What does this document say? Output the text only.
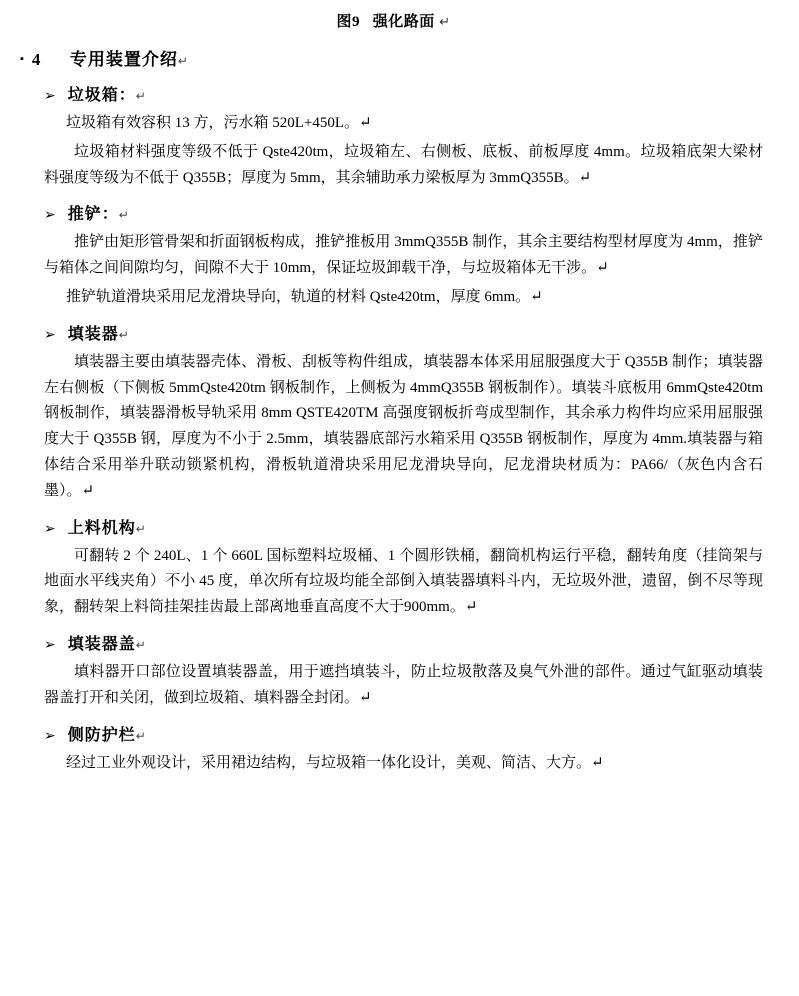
图9 强化路面 ↵
▪ 4	专用装置介绍 ↵
➢ 垃圾箱： ↵

垃圾箱有效容积 13 方，污水箱 520L+450L。↵

垃圾箱材料强度等级不低于 Qste420tm，垃圾箱左、右侧板、底板、前板厚度 4mm。垃圾箱底架大梁材料强度等级为不低于 Q355B；厚度为 5mm，其余辅助承力梁板厚为 3mmQ355B。↵

➢ 推铲： ↵

推铲由矩形管骨架和折面钢板构成，推铲推板用 3mmQ355B 制作，其余主要结构型材厚度为 4mm，推铲与箱体之间间隙均匀，间隙不大于 10mm，保证垃圾卸载干净，与垃圾箱体无干涉。↵

推铲轨道滑块采用尼龙滑块导向，轨道的材料 Qste420tm，厚度 6mm。↵

➢ 填装器 ↵

填装器主要由填装器壳体、滑板、刮板等构件组成，填装器本体采用屈服强度大于 Q355B 制作；填装器左右侧板（下侧板 5mmQste420tm 钢板制作，上侧板为 4mmQ355B 钢板制作）。填装斗底板用 6mmQste420tm 钢板制作，填装器滑板导轨采用 8mm QSTE420TM 高强度钢板折弯成型制作，其余承力构件均应采用屈服强度大于 Q355B 钢，厚度为不小于 2.5mm，填装器底部污水箱采用 Q355B 钢板制作，厚度为 4mm.填装器与箱体结合采用举升联动锁紧机构，滑板轨道滑块采用尼龙滑块导向，尼龙滑块材质为：PA66/（灰色内含石墨）。↵

➢ 上料机构 ↵

可翻转 2 个 240L、1 个 660L 国标塑料垃圾桶、1 个圆形铁桶，翻筒机构运行平稳，翻转角度（挂筒架与地面水平线夹角）不小 45 度，单次所有垃圾均能全部倒入填装器填料斗内，无垃圾外泄，遗留，倒不尽等现象，翻转架上料筒挂架挂齿最上部离地垂直高度不大于900mm。↵

➢ 填装器盖 ↵

填料器开口部位设置填装器盖，用于遮挡填装斗，防止垃圾散落及臭气外泄的部件。通过气缸驱动填装器盖打开和关闭，做到垃圾箱、填料器全封闭。↵

➢ 侧防护栏 ↵

经过工业外观设计，采用裙边结构，与垃圾箱一体化设计，美观、简洁、大方。↵
